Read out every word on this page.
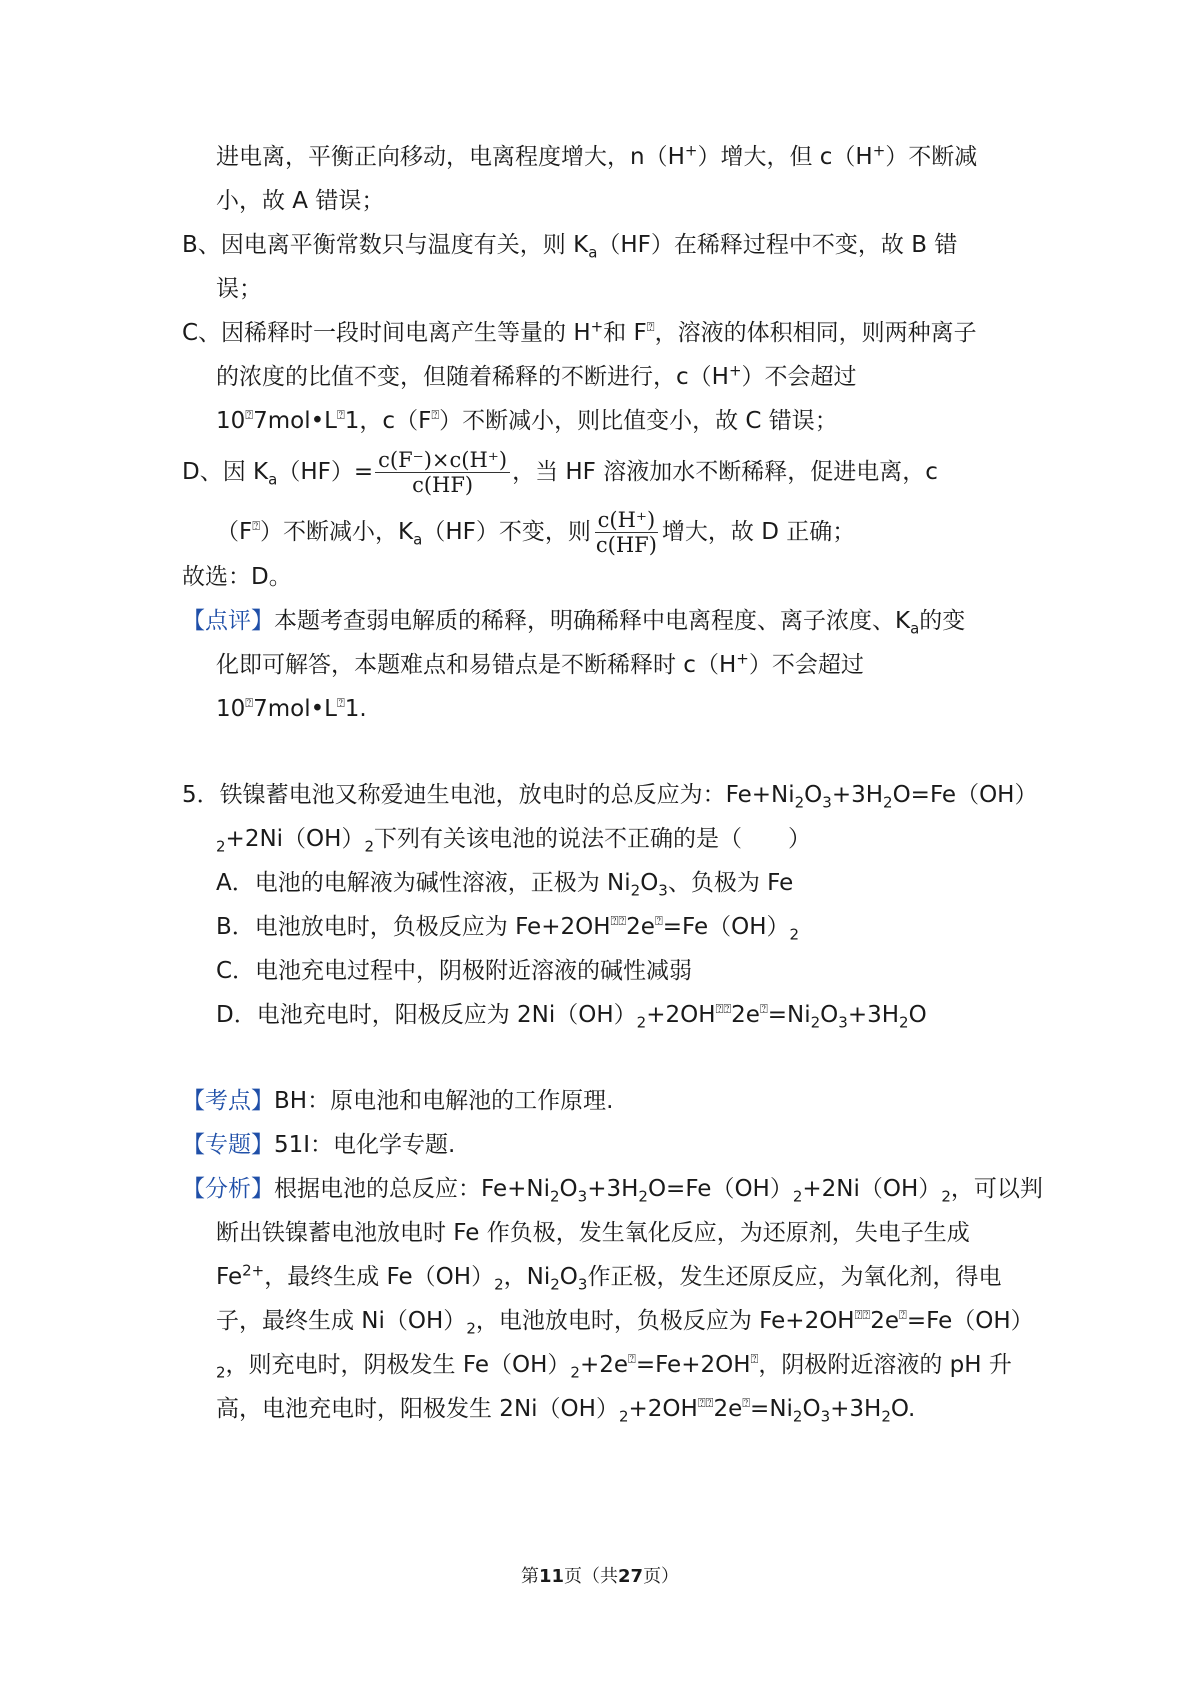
进电离，平衡正向移动，电离程度增大，n（H+）增大，但 c（H+）不断减
小，故 A 错误；
B、因电离平衡常数只与温度有关，则 $K_a(HF)$在稀释过程中不变，故 B 错
误；
C、因稀释时一段时间电离产生等量的 H+和 F⍰，溶液的体积相同，则两种离子
的浓度的比值不变，但随着稀释的不断进行，c（H+）不会超过
10⍰7mol•L⍰1，c（F⍰）不断减小，则比值变小，故 C 错误；
D、因 $K_a(HF)= \frac{c(F^-)\times c(H^+)}{c(HF)}$ ，当 HF 溶液加水不断稀释，促进电离，c
（F⍰）不断减小，$K_a(HF)$不变，则 $\frac{c(H^+)}{c(HF)}$ 增大，故 D 正确；
故选：D。
【点评】本题考查弱电解质的稀释，明确稀释中电离程度、离子浓度、$K_a$的变
化即可解答，本题难点和易错点是不断稀释时 c（H+）不会超过
10⍰7mol•L⍰1.
5．铁镍蓄电池又称爱迪生电池，放电时的总反应为：$Fe+Ni_2O_3+3H_2O=Fe(OH)$
$_2+2Ni(OH)_2$下列有关该电池的说法不正确的是（　　）
A．电池的电解液为碱性溶液，正极为 $Ni_2O_3$、负极为 Fe
B．电池放电时，负极反应为 $Fe+2OH⍰⍰2e⍰=Fe(OH)_2$
C．电池充电过程中，阴极附近溶液的碱性减弱
D．电池充电时，阳极反应为 $2Ni(OH)_2+2OH⍰⍰2e⍰=Ni_2O_3+3H_2O$
【考点】BH：原电池和电解池的工作原理.
【专题】51I：电化学专题.
【分析】根据电池的总反应：$Fe+Ni_2O_3+3H_2O=Fe(OH)_2+2Ni(OH)_2$，可以判
断出铁镍蓄电池放电时 Fe 作负极，发生氧化反应，为还原剂，失电子生成
$Fe^{2+}$，最终生成 $Fe(OH)_2$，$Ni_2O_3$作正极，发生还原反应，为氧化剂，得电
子，最终生成 $Ni(OH)_2$，电池放电时，负极反应为 Fe+2OH⍰⍰2e⍰=Fe（OH）
$_2$，则充电时，阴极发生 $Fe(OH)_2+2e⍰=Fe+2OH⍰$，阴极附近溶液的 pH 升
高，电池充电时，阳极发生 $2Ni(OH)_2+2OH⍰⍰2e⍰=Ni_2O_3+3H_2O$.
第11页（共27页）
